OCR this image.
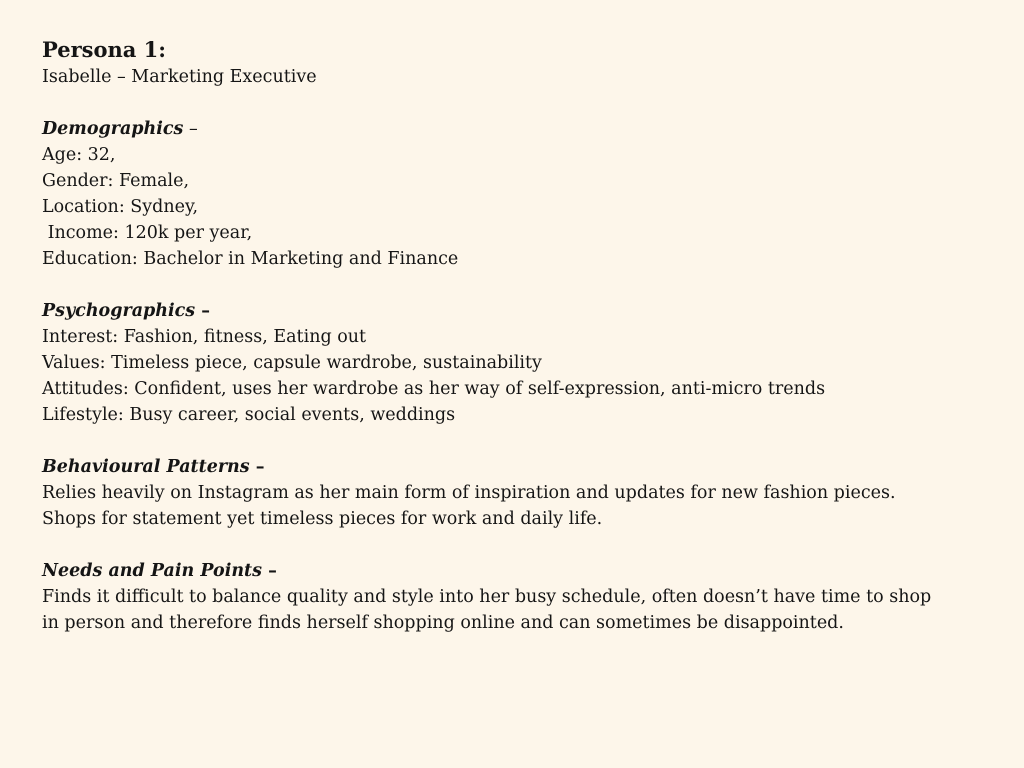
Persona 1:

Isabelle – Marketing Executive

Demographics –

Age: 32,

Gender: Female,

Location: Sydney,

Income: 120k per year,

Education: Bachelor in Marketing and Finance

Psychographics –

Interest: Fashion, fitness, Eating out

Values: Timeless piece, capsule wardrobe, sustainability

Attitudes: Confident, uses her wardrobe as her way of self-expression, anti-micro trends

Lifestyle: Busy career, social events, weddings

Behavioural Patterns –

Relies heavily on Instagram as her main form of inspiration and updates for new fashion pieces.

Shops for statement yet timeless pieces for work and daily life.

Needs and Pain Points –

Finds it difficult to balance quality and style into her busy schedule, often doesn’t have time to shop

in person and therefore finds herself shopping online and can sometimes be disappointed.
